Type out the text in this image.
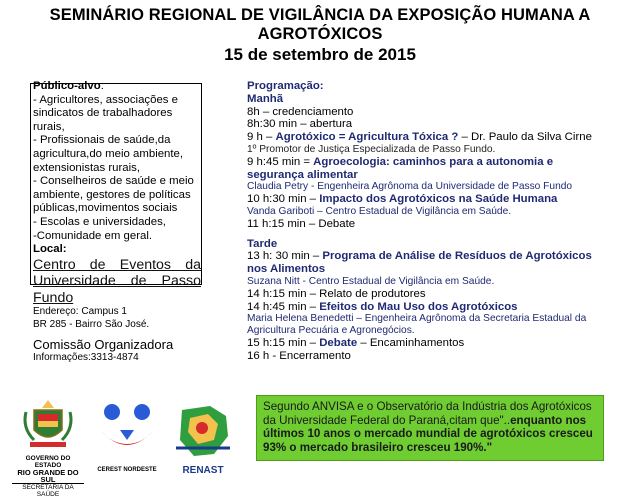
SEMINÁRIO REGIONAL DE VIGILÂNCIA DA EXPOSIÇÃO HUMANA A
AGROTÓXICOS
15 de setembro de 2015
Público-alvo:
- Agricultores, associações e sindicatos de trabalhadores rurais,
- Profissionais de saúde,da agricultura,do meio ambiente, extensionistas rurais,
- Conselheiros de saúde e meio ambiente, gestores de políticas públicas,movimentos sociais
- Escolas e universidades,
-Comunidade em geral.
Local:
Centro de Eventos da
Universidade de Passo
Fundo
Endereço: Campus 1
BR 285 - Bairro São José.
Comissão Organizadora
Informações:3313-4874
Programação:
Manhã
8h – credenciamento
8h:30 min – abertura
9 h – Agrotóxico = Agricultura Tóxica ? – Dr. Paulo da Silva Cirne
1º Promotor de Justiça Especializada de Passo Fundo.
9 h:45 min = Agroecologia: caminhos para a autonomia e segurança alimentar
Claudia Petry - Engenheira Agrônoma da Universidade de Passo Fundo
10 h:30 min – Impacto dos Agrotóxicos na Saúde Humana
Vanda Gariboti – Centro Estadual de Vigilância em Saúde.
11 h:15 min – Debate
Tarde
13 h: 30 min – Programa de Análise de Resíduos de Agrotóxicos nos Alimentos
Suzana Nitt - Centro Estadual de Vigilância em Saúde.
14 h:15 min – Relato de produtores
14 h:45 min – Efeitos do Mau Uso dos Agrotóxicos
Maria Helena Benedetti – Engenheira Agrônoma da Secretaria Estadual da Agricultura Pecuária e Agronegócios.
15 h:15 min – Debate – Encaminhamentos
16 h - Encerramento
Segundo ANVISA e o Observatório da Indústria dos Agrotóxicos da Universidade Federal do Paraná,citam que"..enquanto nos últimos 10 anos o mercado mundial de agrotóxicos cresceu 93% o mercado brasileiro cresceu 190%."
GOVERNO DO ESTADO
RIO GRANDE DO SUL
SECRETARIA DA SAÚDE
CEREST NORDESTE	RENAST
